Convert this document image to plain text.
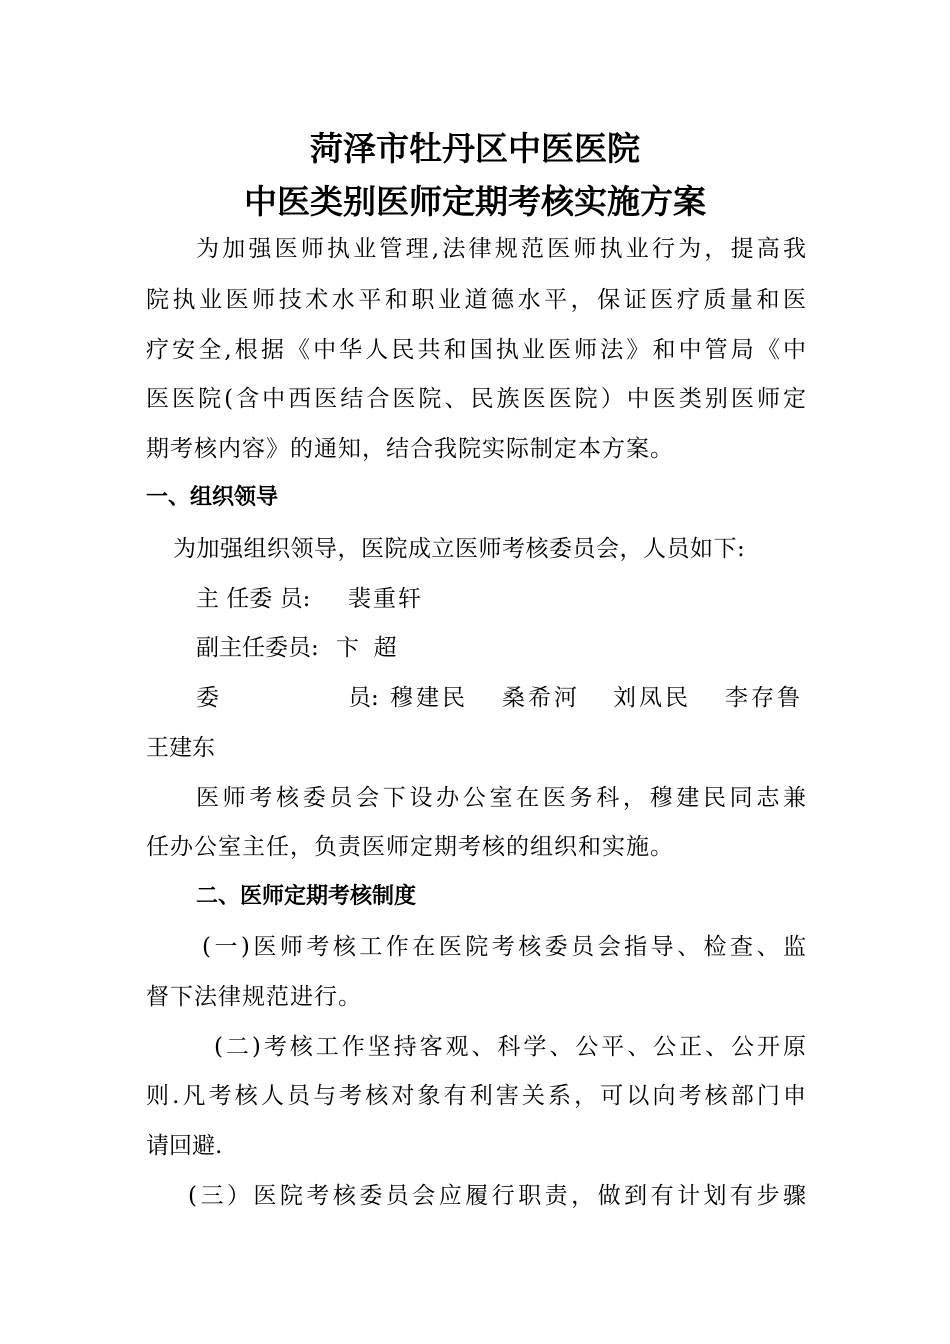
菏泽市牡丹区中医医院
中医类别医师定期考核实施方案
为加强医师执业管理,法律规范医师执业行为，提高我
院执业医师技术水平和职业道德水平，保证医疗质量和医
疗安全,根据《中华人民共和国执业医师法》和中管局《中
医医院(含中西医结合医院、民族医医院）中医类别医师定
期考核内容》的通知，结合我院实际制定本方案。
一、组织领导
为加强组织领导，医院成立医师考核委员会，人员如下:
主 任委 员: 裴重轩
副主任委员: 卞  超
委	员: 穆建民 桑希河 刘凤民 李存鲁
王建东
医师考核委员会下设办公室在医务科，穆建民同志兼
任办公室主任，负责医师定期考核的组织和实施。
二、医师定期考核制度
(一)医师考核工作在医院考核委员会指导、检查、监
督下法律规范进行。
(二)考核工作坚持客观、科学、公平、公正、公开原
则.凡考核人员与考核对象有利害关系，可以向考核部门申
请回避.
(三）医院考核委员会应履行职责，做到有计划有步骤
